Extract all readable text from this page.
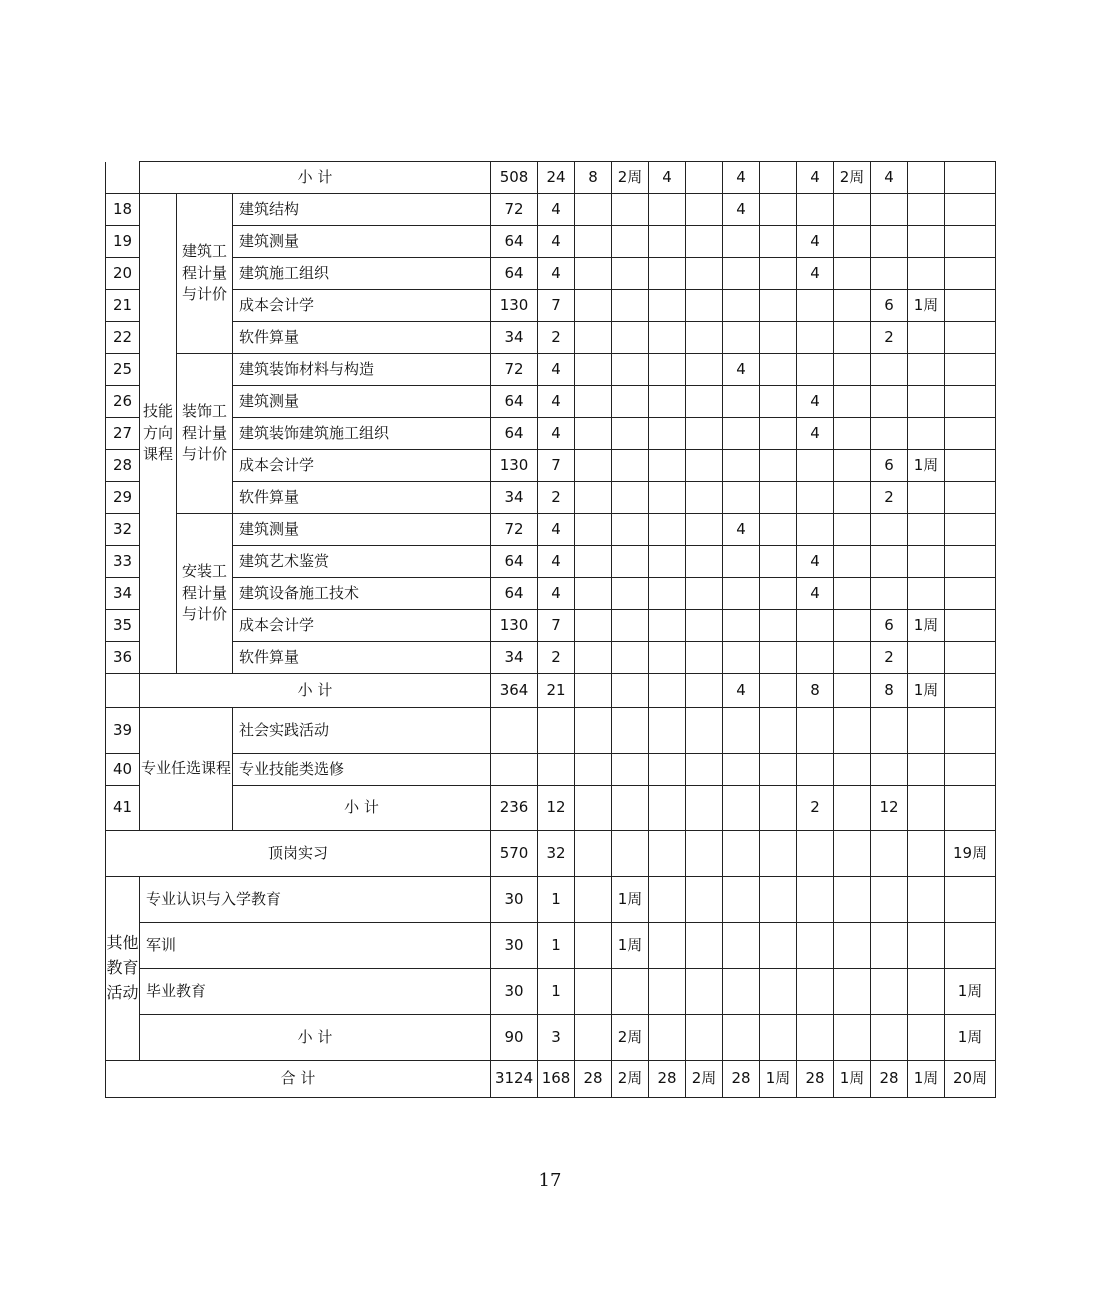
	小 计			508	24	8	2周	4		4		4	2周	4		
18	技能方向课程	建筑工程计量与计价	建筑结构	72	4					4						
19			建筑测量	64	4							4				
20			建筑施工组织	64	4							4				
21			成本会计学	130	7									6	1周	
22			软件算量	34	2									2		
25		装饰工程计量与计价	建筑装饰材料与构造	72	4					4						
26			建筑测量	64	4							4				
27			建筑装饰建筑施工组织	64	4							4				
28			成本会计学	130	7									6	1周	
29			软件算量	34	2									2		
32		安装工程计量与计价	建筑测量	72	4					4						
33			建筑艺术鉴赏	64	4							4				
34			建筑设备施工技术	64	4							4				
35			成本会计学	130	7									6	1周	
36			软件算量	34	2									2		
	小 计			364	21					4		8		8	1周	
39	专业任选课程		社会实践活动													
40			专业技能类选修													
41			小 计	236	12							2		12		
顶岗实习				570	32											19周
其他教育活动	专业认识与入学教育			30	1		1周									
	军训			30	1		1周									
	毕业教育			30	1											1周
	小 计			90	3		2周									1周
合 计				3124	168	28	2周	28	2周	28	1周	28	1周	28	1周	20周
17
